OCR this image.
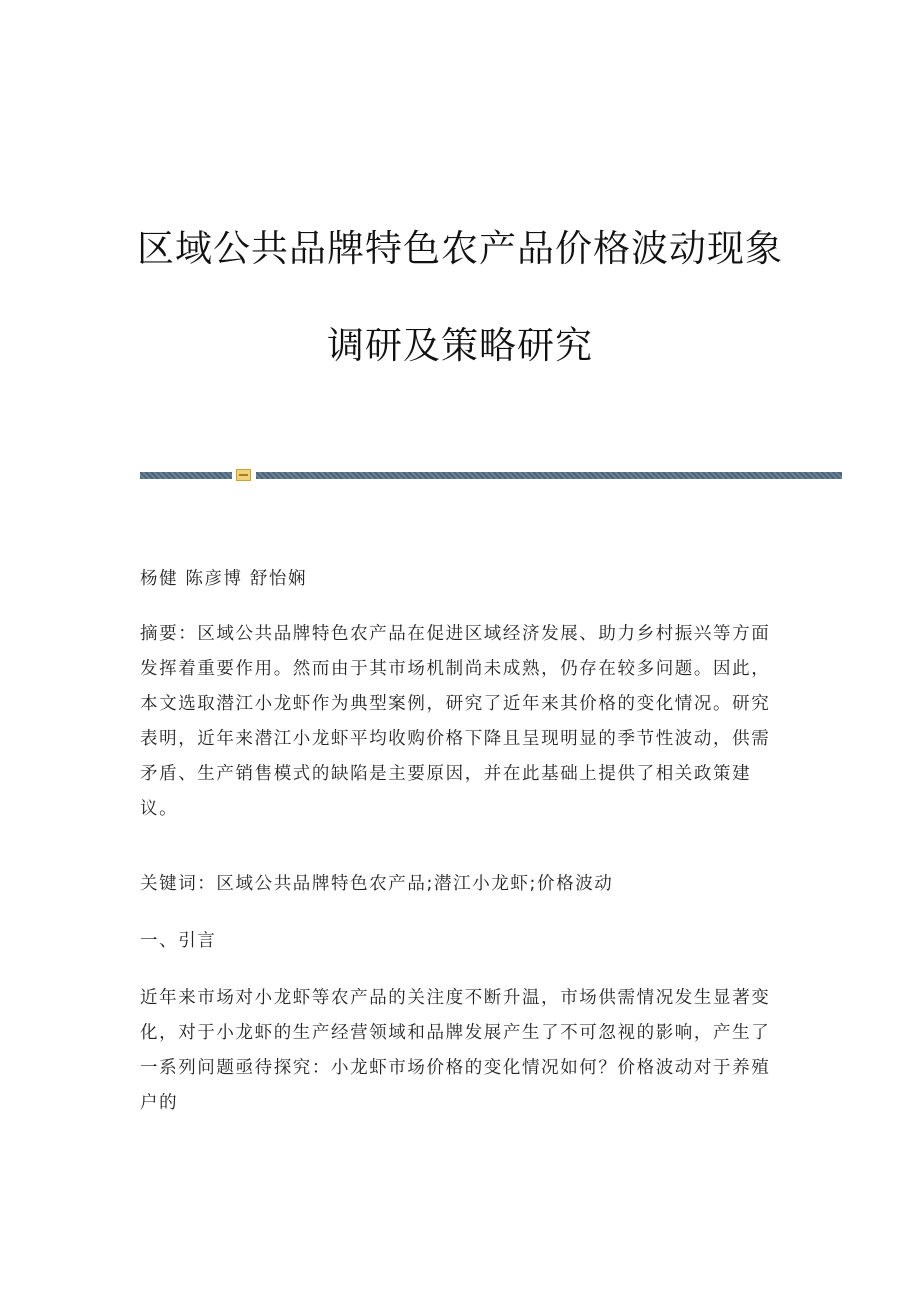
区域公共品牌特色农产品价格波动现象
调研及策略研究

杨健 陈彦博 舒怡娴

摘要：区域公共品牌特色农产品在促进区域经济发展、助力乡村振兴等方面发挥着重要作用。然而由于其市场机制尚未成熟，仍存在较多问题。因此，本文选取潜江小龙虾作为典型案例，研究了近年来其价格的变化情况。研究表明，近年来潜江小龙虾平均收购价格下降且呈现明显的季节性波动，供需矛盾、生产销售模式的缺陷是主要原因，并在此基础上提供了相关政策建议。

关键词：区域公共品牌特色农产品;潜江小龙虾;价格波动

一、引言

近年来市场对小龙虾等农产品的关注度不断升温，市场供需情况发生显著变化，对于小龙虾的生产经营领域和品牌发展产生了不可忽视的影响，产生了一系列问题亟待探究：小龙虾市场价格的变化情况如何？价格波动对于养殖户的
